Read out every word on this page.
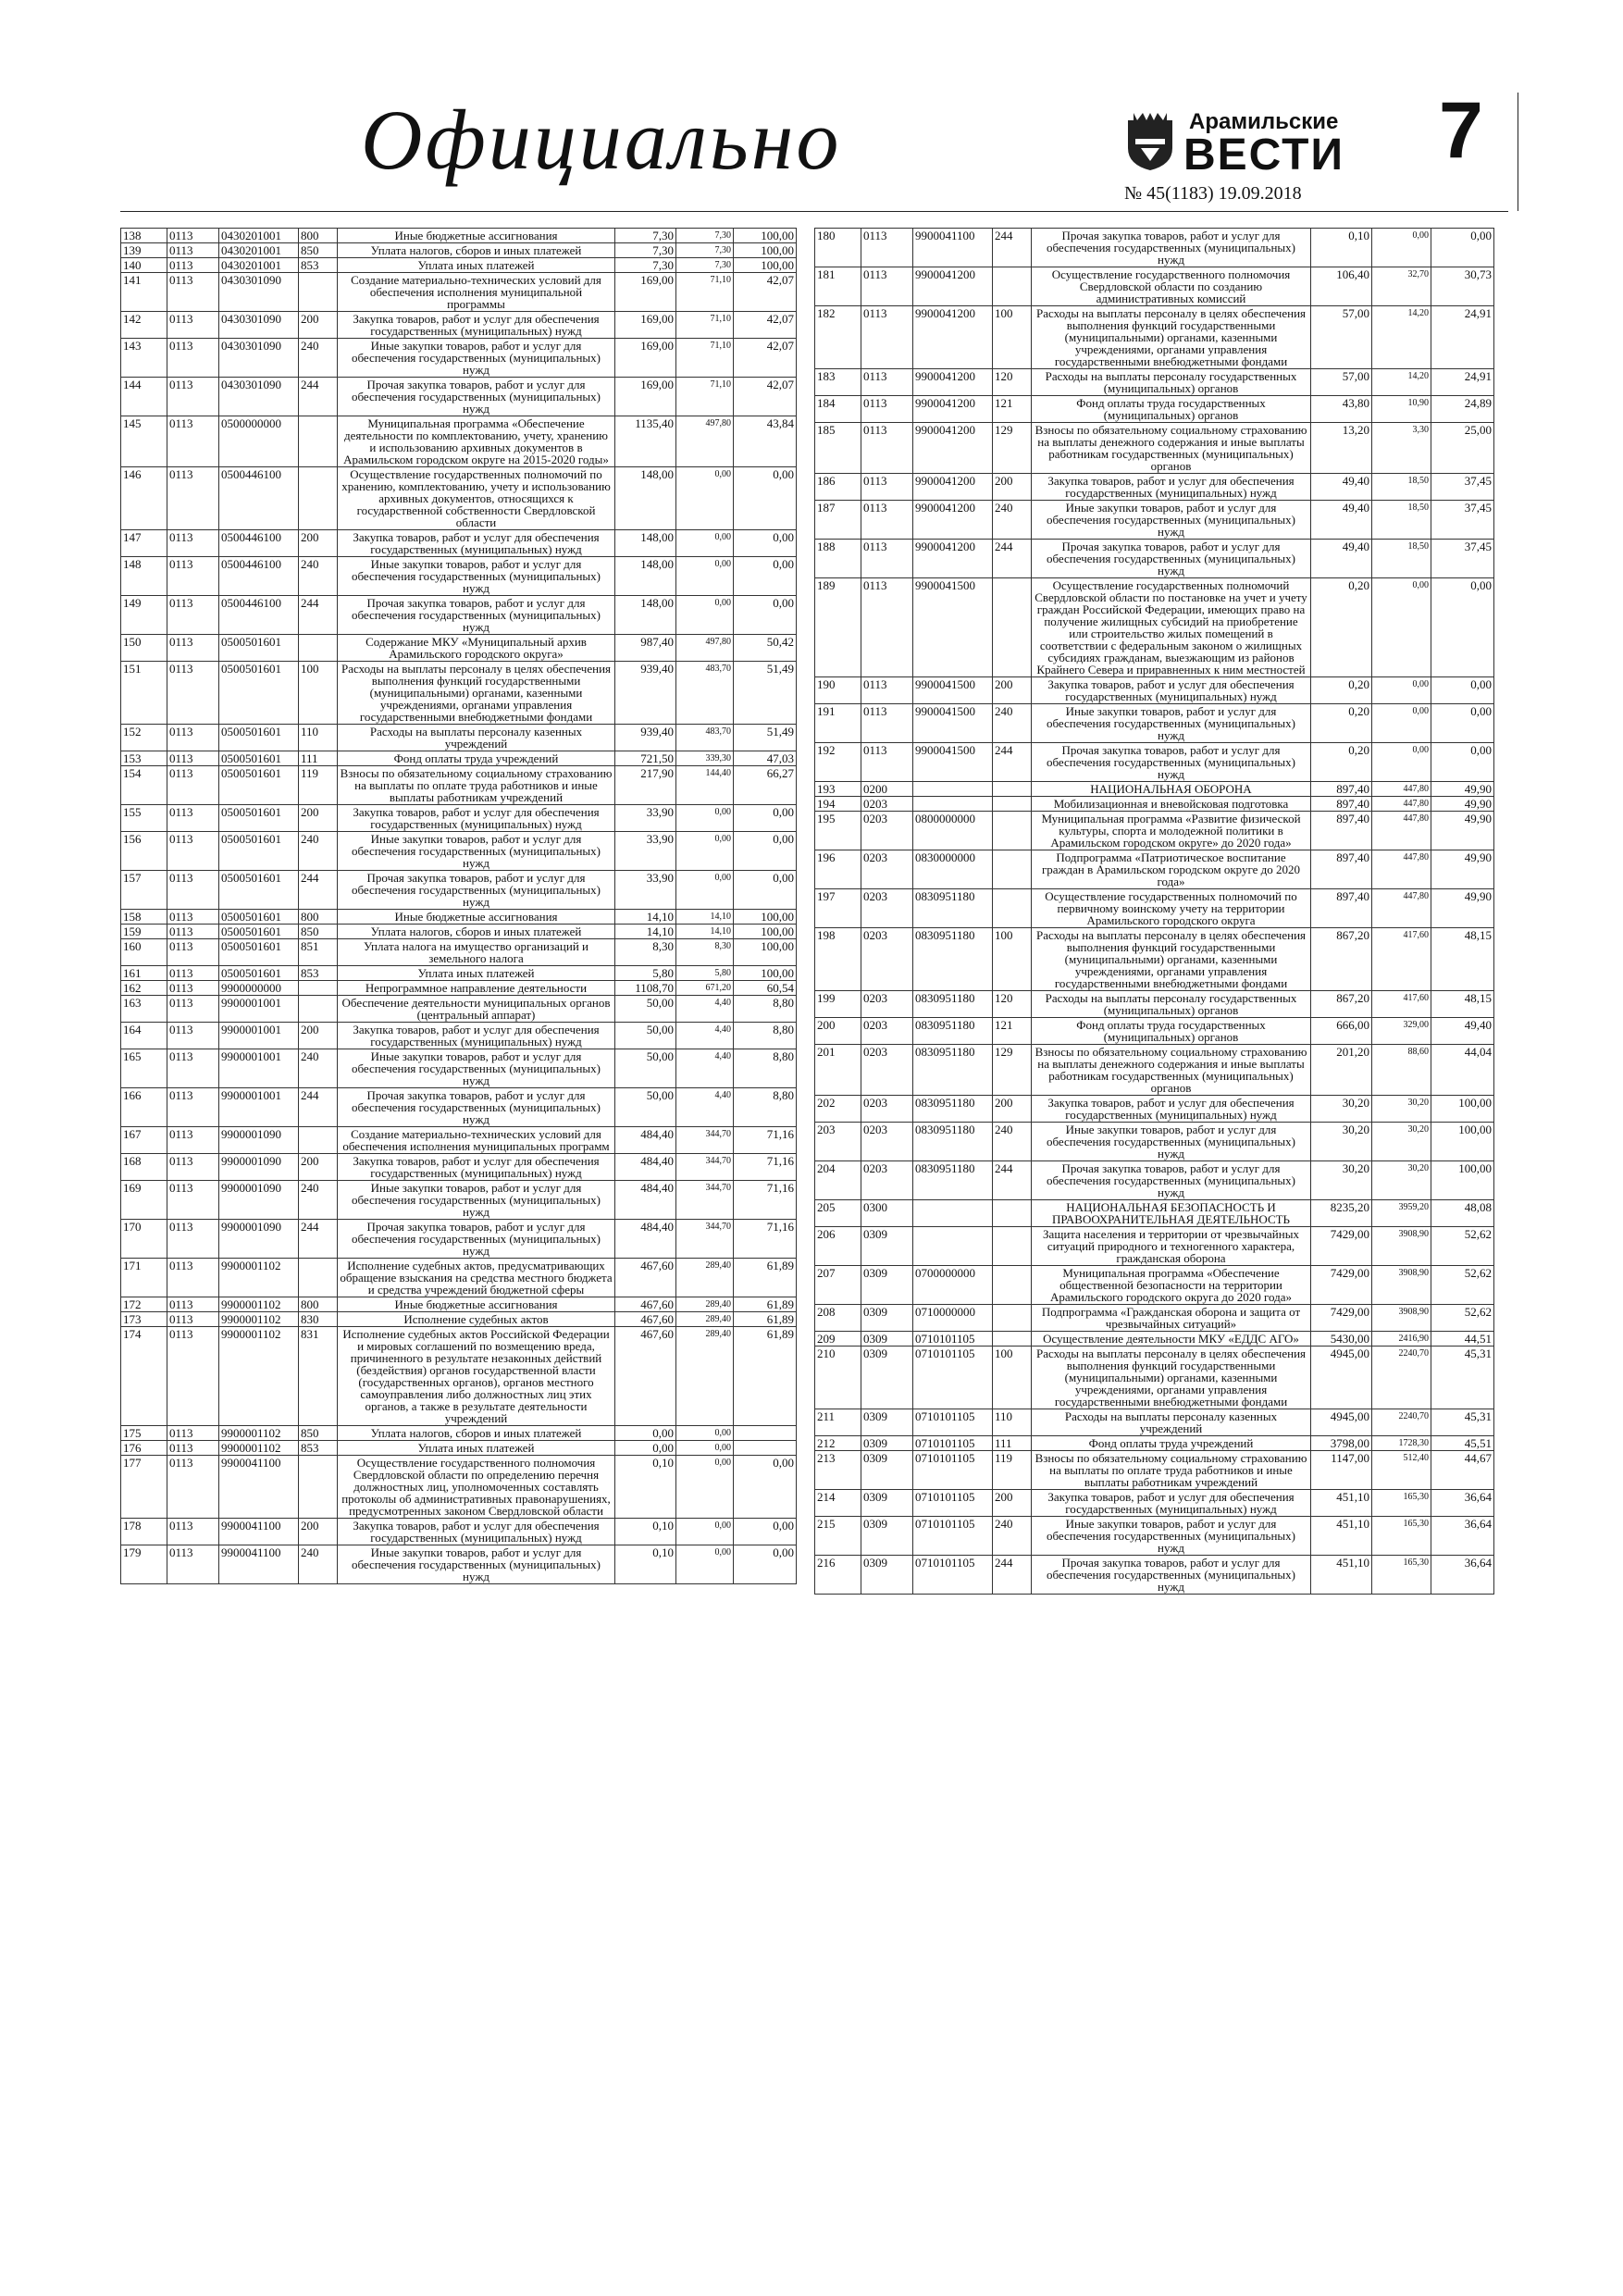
Официально	Арамильские
ВЕСТИ
№ 45(1183) 19.09.2018
7
138	0113	0430201001	800	Иные бюджетные ассигнования	7,30	7,30	100,00
139	0113	0430201001	850	Уплата налогов, сборов и иных платежей	7,30	7,30	100,00
140	0113	0430201001	853	Уплата иных платежей	7,30	7,30	100,00
141	0113	0430301090		Создание материально-технических условий для обеспечения исполнения муниципальной программы	169,00	71,10	42,07
142	0113	0430301090	200	Закупка товаров, работ и услуг для обеспечения государственных (муниципальных) нужд	169,00	71,10	42,07
143	0113	0430301090	240	Иные закупки товаров, работ и услуг для обеспечения государственных (муниципальных) нужд	169,00	71,10	42,07
144	0113	0430301090	244	Прочая закупка товаров, работ и услуг для обеспечения государственных (муниципальных) нужд	169,00	71,10	42,07
145	0113	0500000000		Муниципальная программа «Обеспечение деятельности по комплектованию, учету, хранению и использованию архивных документов в Арамильском городском округе на 2015-2020 годы»	1135,40	497,80	43,84
146	0113	0500446100		Осуществление государственных полномочий по хранению, комплектованию, учету и использованию архивных документов, относящихся к государственной собственности Свердловской области	148,00	0,00	0,00
147	0113	0500446100	200	Закупка товаров, работ и услуг для обеспечения государственных (муниципальных) нужд	148,00	0,00	0,00
148	0113	0500446100	240	Иные закупки товаров, работ и услуг для обеспечения государственных (муниципальных) нужд	148,00	0,00	0,00
149	0113	0500446100	244	Прочая закупка товаров, работ и услуг для обеспечения государственных (муниципальных) нужд	148,00	0,00	0,00
150	0113	0500501601		Содержание МКУ «Муниципальный архив Арамильского городского округа»	987,40	497,80	50,42
151	0113	0500501601	100	Расходы на выплаты персоналу в целях обеспечения выполнения функций государственными (муниципальными) органами, казенными учреждениями, органами управления государственными внебюджетными фондами	939,40	483,70	51,49
152	0113	0500501601	110	Расходы на выплаты персоналу казенных учреждений	939,40	483,70	51,49
153	0113	0500501601	111	Фонд оплаты труда учреждений	721,50	339,30	47,03
154	0113	0500501601	119	Взносы по обязательному социальному страхованию на выплаты по оплате труда работников и иные выплаты работникам учреждений	217,90	144,40	66,27
155	0113	0500501601	200	Закупка товаров, работ и услуг для обеспечения государственных (муниципальных) нужд	33,90	0,00	0,00
156	0113	0500501601	240	Иные закупки товаров, работ и услуг для обеспечения государственных (муниципальных) нужд	33,90	0,00	0,00
157	0113	0500501601	244	Прочая закупка товаров, работ и услуг для обеспечения государственных (муниципальных) нужд	33,90	0,00	0,00
158	0113	0500501601	800	Иные бюджетные ассигнования	14,10	14,10	100,00
159	0113	0500501601	850	Уплата налогов, сборов и иных платежей	14,10	14,10	100,00
160	0113	0500501601	851	Уплата налога на имущество организаций и земельного налога	8,30	8,30	100,00
161	0113	0500501601	853	Уплата иных платежей	5,80	5,80	100,00
162	0113	9900000000		Непрограммное направление деятельности	1108,70	671,20	60,54
163	0113	9900001001		Обеспечение деятельности муниципальных органов (центральный аппарат)	50,00	4,40	8,80
164	0113	9900001001	200	Закупка товаров, работ и услуг для обеспечения государственных (муниципальных) нужд	50,00	4,40	8,80
165	0113	9900001001	240	Иные закупки товаров, работ и услуг для обеспечения государственных (муниципальных) нужд	50,00	4,40	8,80
166	0113	9900001001	244	Прочая закупка товаров, работ и услуг для обеспечения государственных (муниципальных) нужд	50,00	4,40	8,80
167	0113	9900001090		Создание материально-технических условий для обеспечения исполнения муниципальных программ	484,40	344,70	71,16
168	0113	9900001090	200	Закупка товаров, работ и услуг для обеспечения государственных (муниципальных) нужд	484,40	344,70	71,16
169	0113	9900001090	240	Иные закупки товаров, работ и услуг для обеспечения государственных (муниципальных) нужд	484,40	344,70	71,16
170	0113	9900001090	244	Прочая закупка товаров, работ и услуг для обеспечения государственных (муниципальных) нужд	484,40	344,70	71,16
171	0113	9900001102		Исполнение судебных актов, предусматривающих обращение взыскания на средства местного бюджета и средства учреждений бюджетной сферы	467,60	289,40	61,89
172	0113	9900001102	800	Иные бюджетные ассигнования	467,60	289,40	61,89
173	0113	9900001102	830	Исполнение судебных актов	467,60	289,40	61,89
174	0113	9900001102	831	Исполнение судебных актов Российской Федерации и мировых соглашений по возмещению вреда, причиненного в результате незаконных действий (бездействия) органов государственной власти (государственных органов), органов местного самоуправления либо должностных лиц этих органов, а также в результате деятельности учреждений	467,60	289,40	61,89
175	0113	9900001102	850	Уплата налогов, сборов и иных платежей	0,00	0,00	
176	0113	9900001102	853	Уплата иных платежей	0,00	0,00	
177	0113	9900041100		Осуществление государственного полномочия Свердловской области по определению перечня должностных лиц, уполномоченных составлять протоколы об административных правонарушениях, предусмотренных законом Свердловской области	0,10	0,00	0,00
178	0113	9900041100	200	Закупка товаров, работ и услуг для обеспечения государственных (муниципальных) нужд	0,10	0,00	0,00
179	0113	9900041100	240	Иные закупки товаров, работ и услуг для обеспечения государственных (муниципальных) нужд	0,10	0,00	0,00
180	0113	9900041100	244	Прочая закупка товаров, работ и услуг для обеспечения государственных (муниципальных) нужд	0,10	0,00	0,00
181	0113	9900041200		Осуществление государственного полномочия Свердловской области по созданию административных комиссий	106,40	32,70	30,73
182	0113	9900041200	100	Расходы на выплаты персоналу в целях обеспечения выполнения функций государственными (муниципальными) органами, казенными учреждениями, органами управления государственными внебюджетными фондами	57,00	14,20	24,91
183	0113	9900041200	120	Расходы на выплаты персоналу государственных (муниципальных) органов	57,00	14,20	24,91
184	0113	9900041200	121	Фонд оплаты труда государственных (муниципальных) органов	43,80	10,90	24,89
185	0113	9900041200	129	Взносы по обязательному социальному страхованию на выплаты денежного содержания и иные выплаты работникам государственных (муниципальных) органов	13,20	3,30	25,00
186	0113	9900041200	200	Закупка товаров, работ и услуг для обеспечения государственных (муниципальных) нужд	49,40	18,50	37,45
187	0113	9900041200	240	Иные закупки товаров, работ и услуг для обеспечения государственных (муниципальных) нужд	49,40	18,50	37,45
188	0113	9900041200	244	Прочая закупка товаров, работ и услуг для обеспечения государственных (муниципальных) нужд	49,40	18,50	37,45
189	0113	9900041500		Осуществление государственных полномочий Свердловской области по постановке на учет и учету граждан Российской Федерации, имеющих право на получение жилищных субсидий на приобретение или строительство жилых помещений в соответствии с федеральным законом о жилищных субсидиях гражданам, выезжающим из районов Крайнего Севера и приравненных к ним местностей	0,20	0,00	0,00
190	0113	9900041500	200	Закупка товаров, работ и услуг для обеспечения государственных (муниципальных) нужд	0,20	0,00	0,00
191	0113	9900041500	240	Иные закупки товаров, работ и услуг для обеспечения государственных (муниципальных) нужд	0,20	0,00	0,00
192	0113	9900041500	244	Прочая закупка товаров, работ и услуг для обеспечения государственных (муниципальных) нужд	0,20	0,00	0,00
193	0200			НАЦИОНАЛЬНАЯ ОБОРОНА	897,40	447,80	49,90
194	0203			Мобилизационная и вневойсковая подготовка	897,40	447,80	49,90
195	0203	0800000000		Муниципальная программа «Развитие физической культуры, спорта и молодежной политики в Арамильском городском округе» до 2020 года»	897,40	447,80	49,90
196	0203	0830000000		Подпрограмма «Патриотическое воспитание граждан в Арамильском городском округе до 2020 года»	897,40	447,80	49,90
197	0203	0830951180		Осуществление государственных полномочий по первичному воинскому учету на территории Арамильского городского округа	897,40	447,80	49,90
198	0203	0830951180	100	Расходы на выплаты персоналу в целях обеспечения выполнения функций государственными (муниципальными) органами, казенными учреждениями, органами управления государственными внебюджетными фондами	867,20	417,60	48,15
199	0203	0830951180	120	Расходы на выплаты персоналу государственных (муниципальных) органов	867,20	417,60	48,15
200	0203	0830951180	121	Фонд оплаты труда государственных (муниципальных) органов	666,00	329,00	49,40
201	0203	0830951180	129	Взносы по обязательному социальному страхованию на выплаты денежного содержания и иные выплаты работникам государственных (муниципальных) органов	201,20	88,60	44,04
202	0203	0830951180	200	Закупка товаров, работ и услуг для обеспечения государственных (муниципальных) нужд	30,20	30,20	100,00
203	0203	0830951180	240	Иные закупки товаров, работ и услуг для обеспечения государственных (муниципальных) нужд	30,20	30,20	100,00
204	0203	0830951180	244	Прочая закупка товаров, работ и услуг для обеспечения государственных (муниципальных) нужд	30,20	30,20	100,00
205	0300			НАЦИОНАЛЬНАЯ БЕЗОПАСНОСТЬ И ПРАВООХРАНИТЕЛЬНАЯ ДЕЯТЕЛЬНОСТЬ	8235,20	3959,20	48,08
206	0309			Защита населения и территории от чрезвычайных ситуаций природного и техногенного характера, гражданская оборона	7429,00	3908,90	52,62
207	0309	0700000000		Муниципальная программа «Обеспечение общественной безопасности на территории Арамильского городского округа до 2020 года»	7429,00	3908,90	52,62
208	0309	0710000000		Подпрограмма «Гражданская оборона и защита от чрезвычайных ситуаций»	7429,00	3908,90	52,62
209	0309	0710101105		Осуществление деятельности МКУ «ЕДДС АГО»	5430,00	2416,90	44,51
210	0309	0710101105	100	Расходы на выплаты персоналу в целях обеспечения выполнения функций государственными (муниципальными) органами, казенными учреждениями, органами управления государственными внебюджетными фондами	4945,00	2240,70	45,31
211	0309	0710101105	110	Расходы на выплаты персоналу казенных учреждений	4945,00	2240,70	45,31
212	0309	0710101105	111	Фонд оплаты труда учреждений	3798,00	1728,30	45,51
213	0309	0710101105	119	Взносы по обязательному социальному страхованию на выплаты по оплате труда работников и иные выплаты работникам учреждений	1147,00	512,40	44,67
214	0309	0710101105	200	Закупка товаров, работ и услуг для обеспечения государственных (муниципальных) нужд	451,10	165,30	36,64
215	0309	0710101105	240	Иные закупки товаров, работ и услуг для обеспечения государственных (муниципальных) нужд	451,10	165,30	36,64
216	0309	0710101105	244	Прочая закупка товаров, работ и услуг для обеспечения государственных (муниципальных) нужд	451,10	165,30	36,64
